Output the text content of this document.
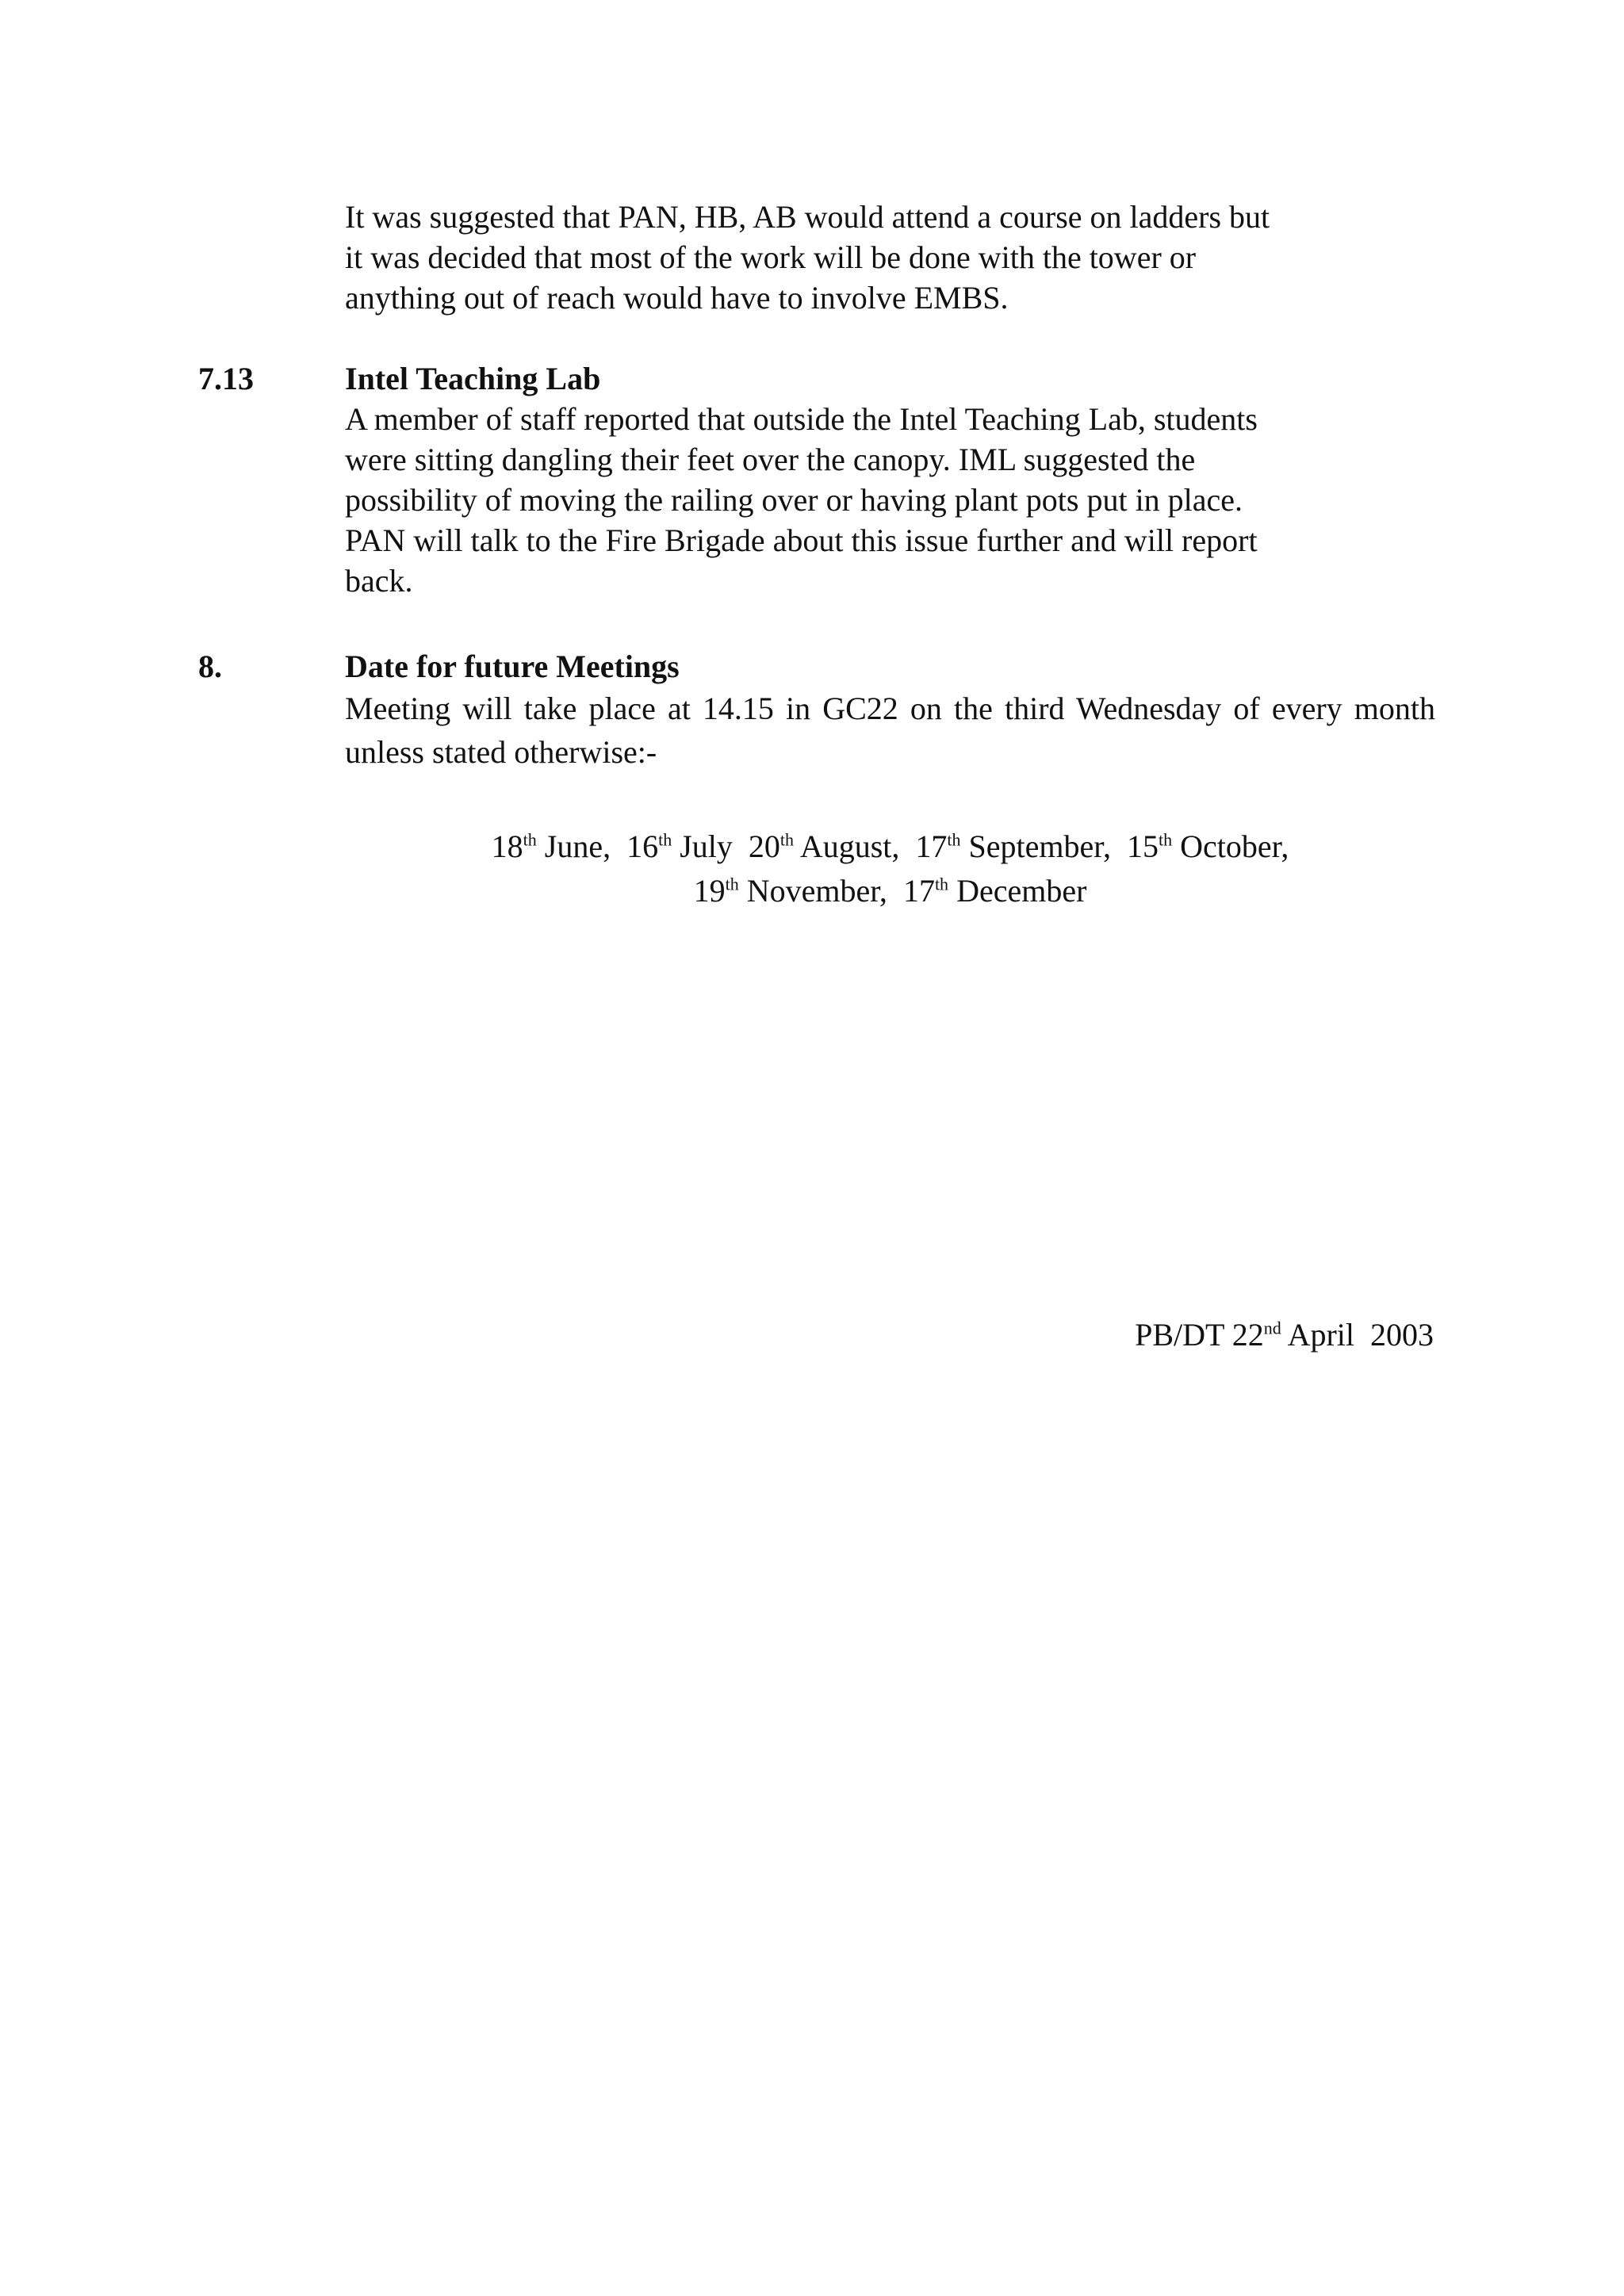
It was suggested that PAN, HB, AB would attend a course on ladders but

it was decided that most of the work will be done with the tower or

anything out of reach would have to involve EMBS.

7.13	Intel Teaching Lab

A member of staff reported that outside the Intel Teaching Lab, students

were sitting dangling their feet over the canopy. IML suggested the

possibility of moving the railing over or having plant pots put in place.

PAN will talk to the Fire Brigade about this issue further and will report

back.

8.	Date for future Meetings

Meeting will take place at 14.15 in GC22 on the third Wednesday of every month unless stated otherwise:-

18th June, 16th July 20th August, 17th September, 15th October,
19th November, 17th December
PB/DT 22nd April  2003
